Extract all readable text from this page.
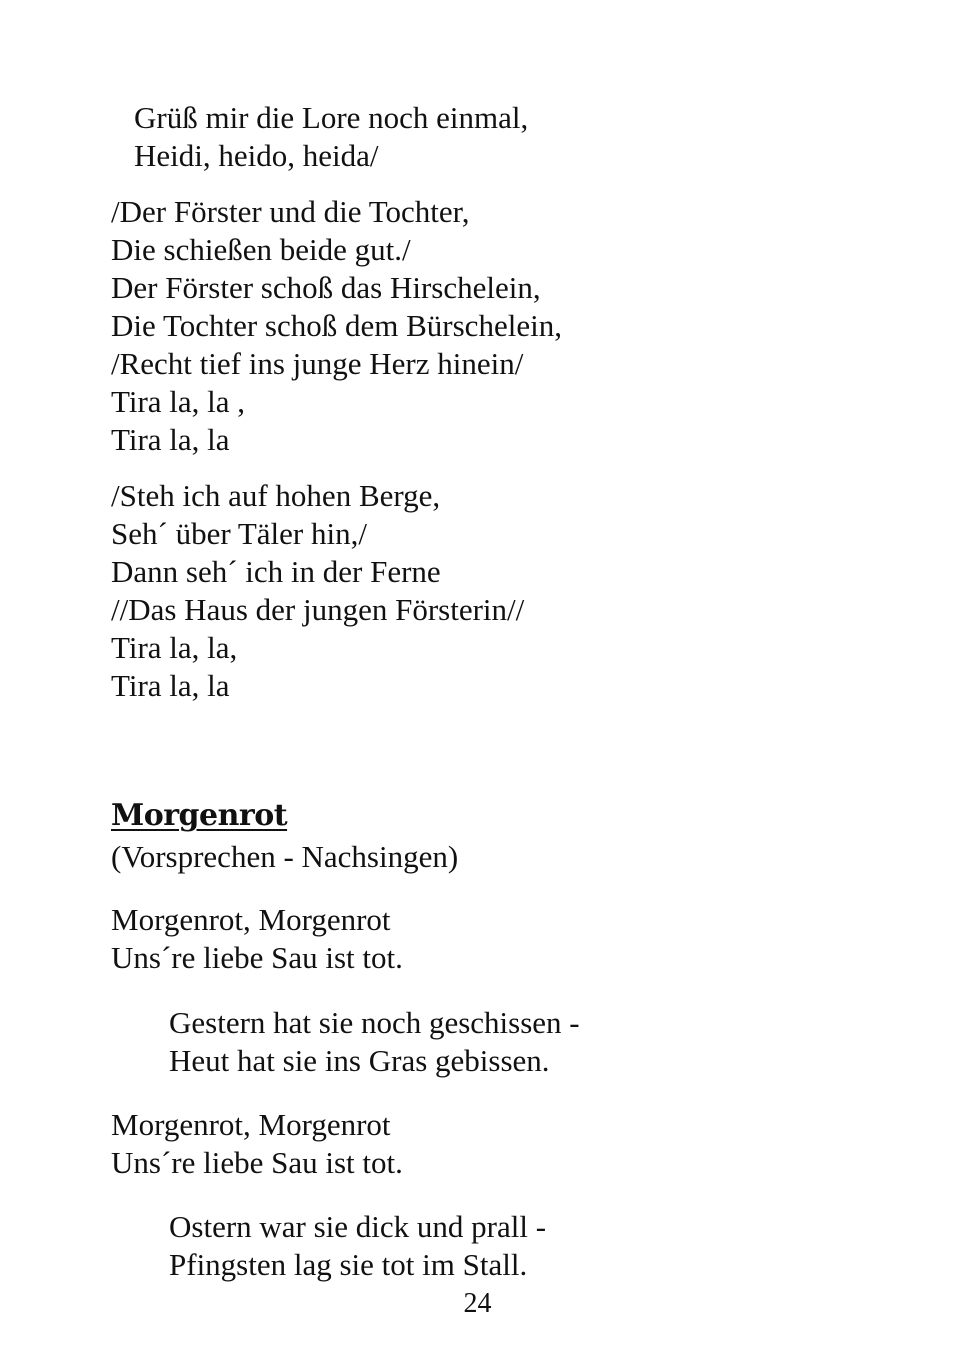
Grüß mir die Lore noch einmal,
Heidi, heido, heida/
/Der Förster und die Tochter,
Die schießen beide gut./
Der Förster schoß das Hirschelein,
Die Tochter schoß dem Bürschelein,
/Recht tief ins junge Herz hinein/
Tira la, la ,
Tira la, la
/Steh ich auf hohen Berge,
Seh´ über Täler hin,/
Dann seh´ ich in der Ferne
//Das Haus der jungen Försterin//
Tira la, la,
Tira la, la
Morgenrot
(Vorsprechen - Nachsingen)
Morgenrot, Morgenrot
Uns´re liebe Sau ist tot.
Gestern hat sie noch geschissen -
Heut hat sie ins Gras gebissen.
Morgenrot, Morgenrot
Uns´re liebe Sau ist tot.
Ostern war sie dick und prall -
Pfingsten lag sie tot im Stall.
24
